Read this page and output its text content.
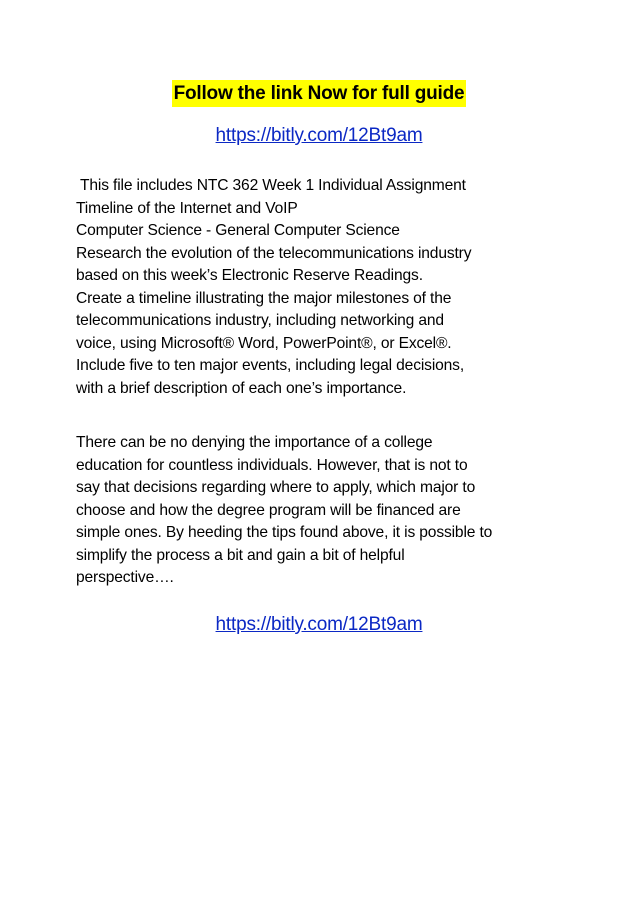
Follow the link Now for full guide
https://bitly.com/12Bt9am
This file includes NTC 362 Week 1 Individual Assignment
Timeline of the Internet and VoIP
Computer Science - General Computer Science
Research the evolution of the telecommunications industry
based on this week’s Electronic Reserve Readings.
Create a timeline illustrating the major milestones of the
telecommunications industry, including networking and
voice, using Microsoft® Word, PowerPoint®, or Excel®.
Include five to ten major events, including legal decisions,
with a brief description of each one’s importance.
There can be no denying the importance of a college
education for countless individuals. However, that is not to
say that decisions regarding where to apply, which major to
choose and how the degree program will be financed are
simple ones. By heeding the tips found above, it is possible to
simplify the process a bit and gain a bit of helpful
perspective….
https://bitly.com/12Bt9am
